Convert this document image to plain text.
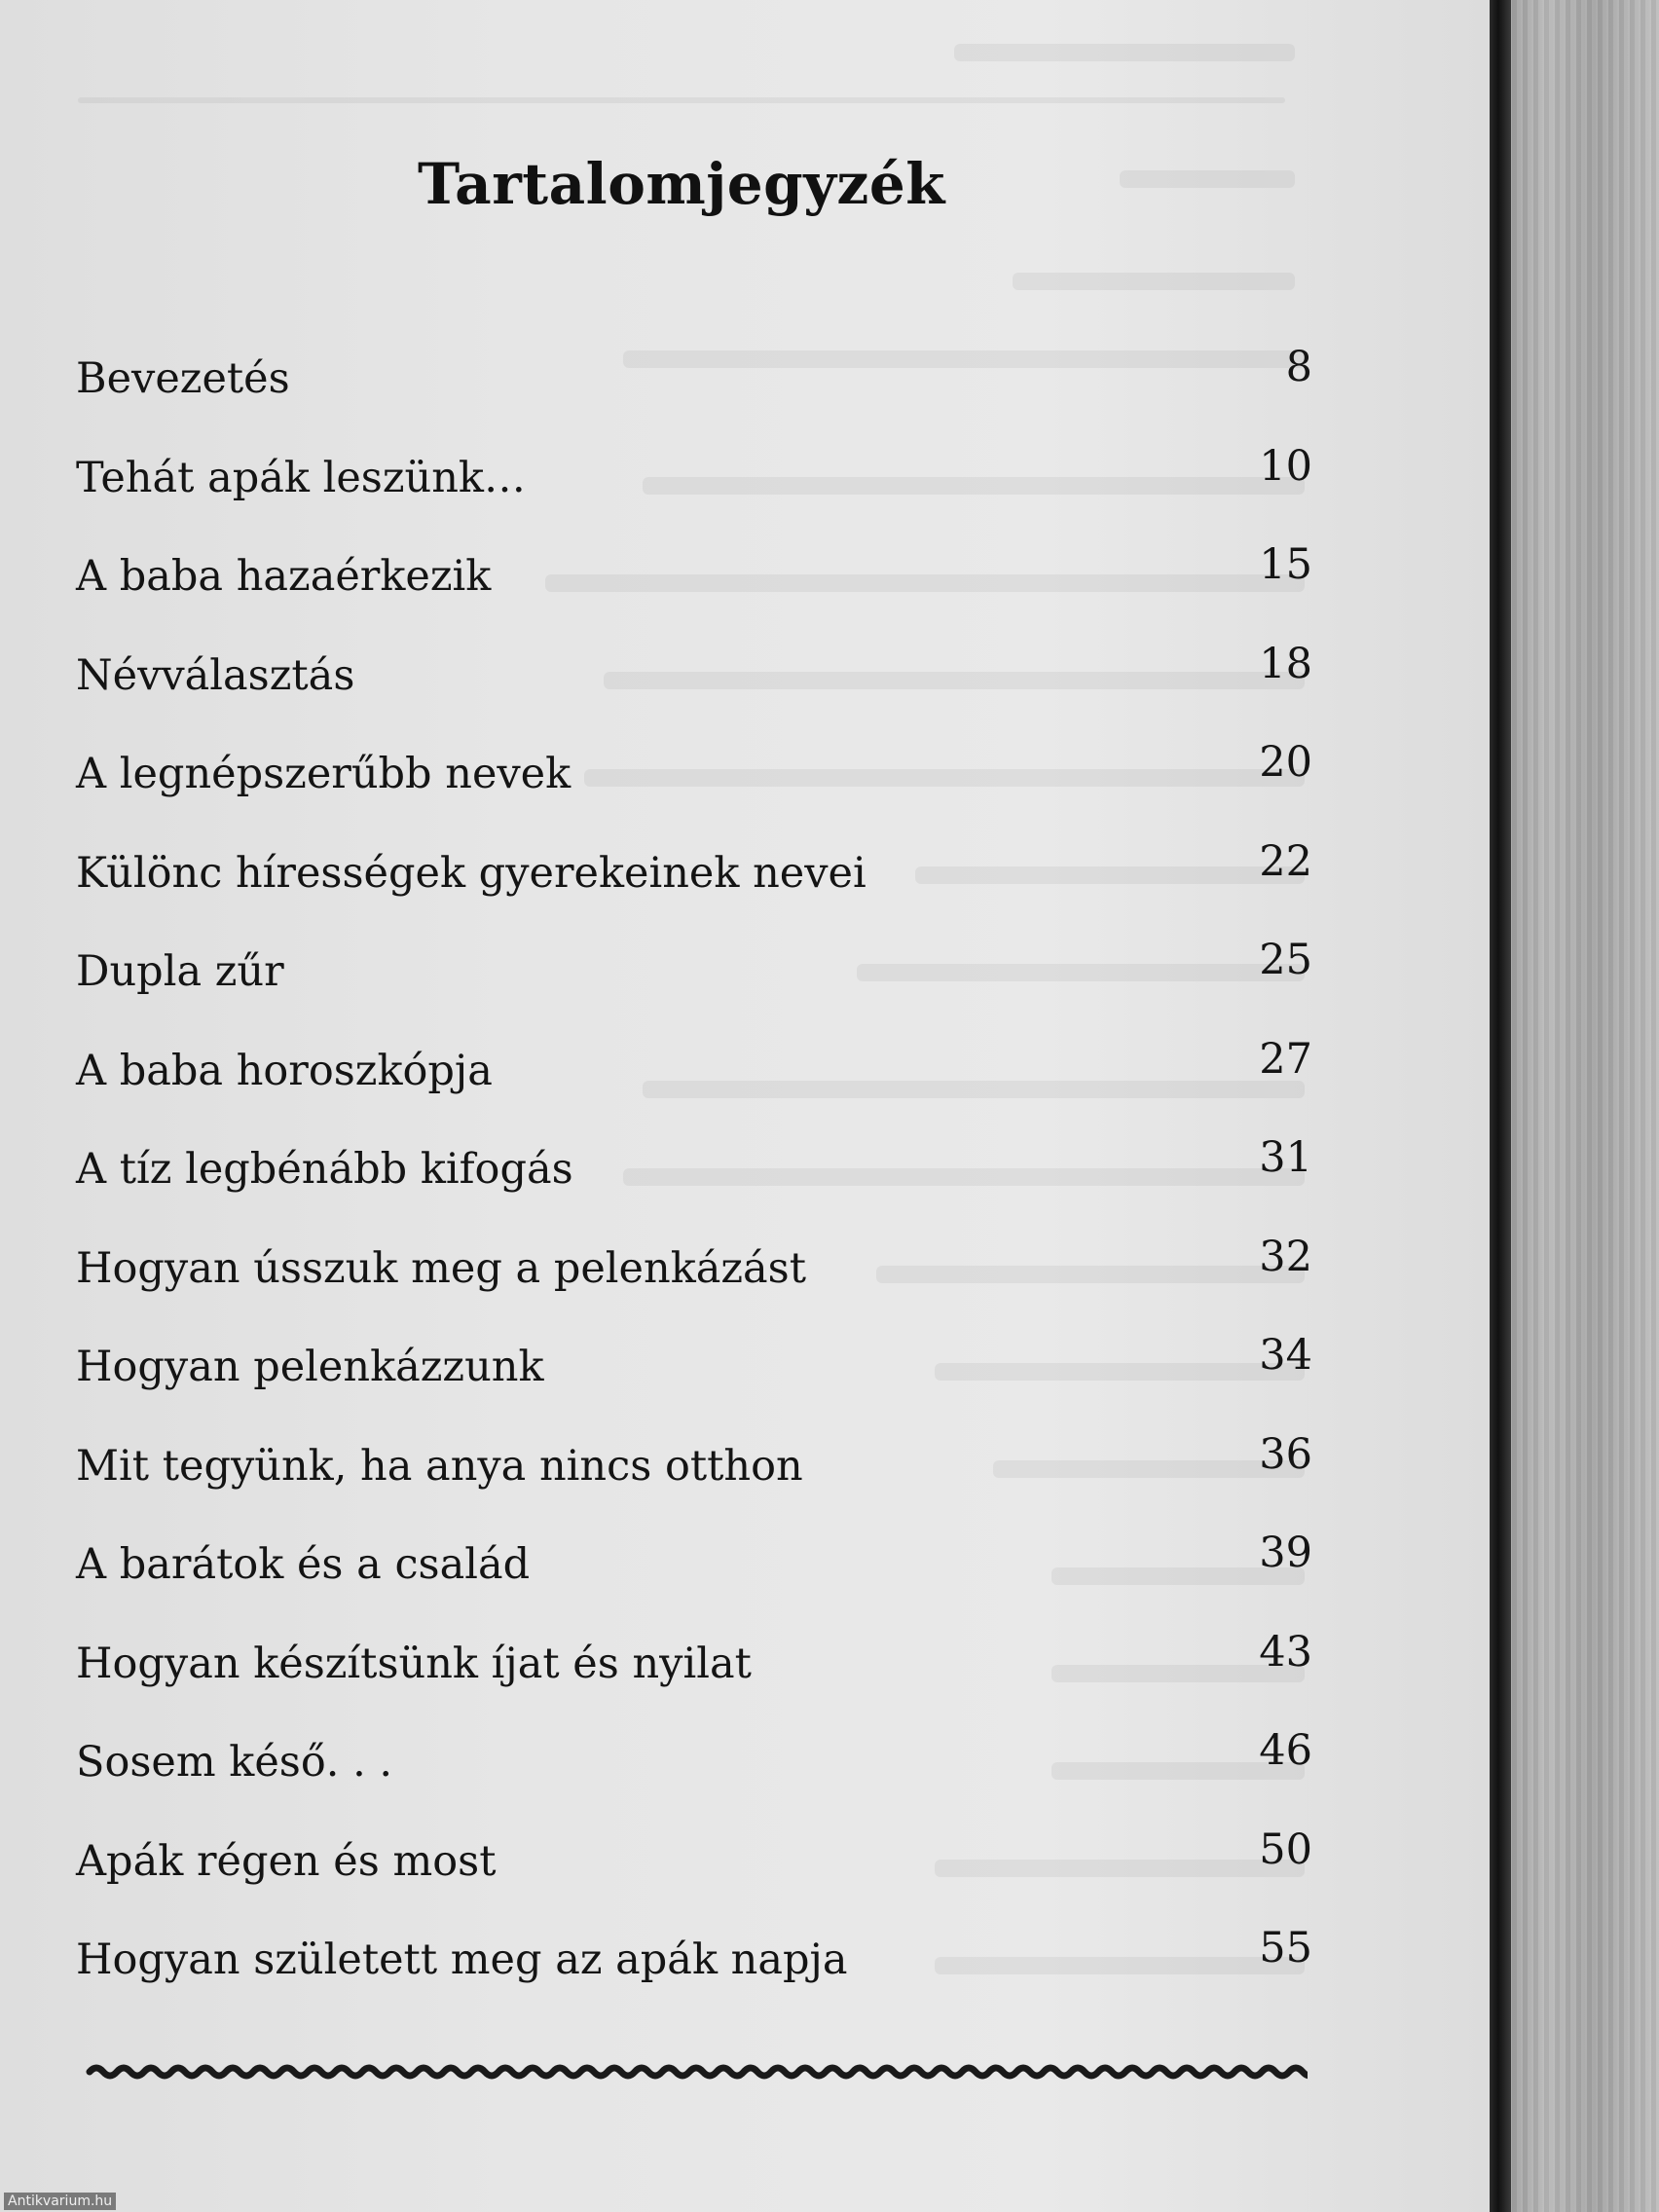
Tartalomjegyzék
Bevezetés	8
Tehát apák leszünk…	10
A baba hazaérkezik	15
Névválasztás	18
A legnépszerűbb nevek	20
Különc hírességek gyerekeinek nevei	22
Dupla zűr	25
A baba horoszkópja	27
A tíz legbénább kifogás	31
Hogyan ússzuk meg a pelenkázást	32
Hogyan pelenkázzunk	34
Mit tegyünk, ha anya nincs otthon	36
A barátok és a család	39
Hogyan készítsünk íjat és nyilat	43
Sosem késő. . .	46
Apák régen és most	50
Hogyan született meg az apák napja	55
Antikvarium.hu
